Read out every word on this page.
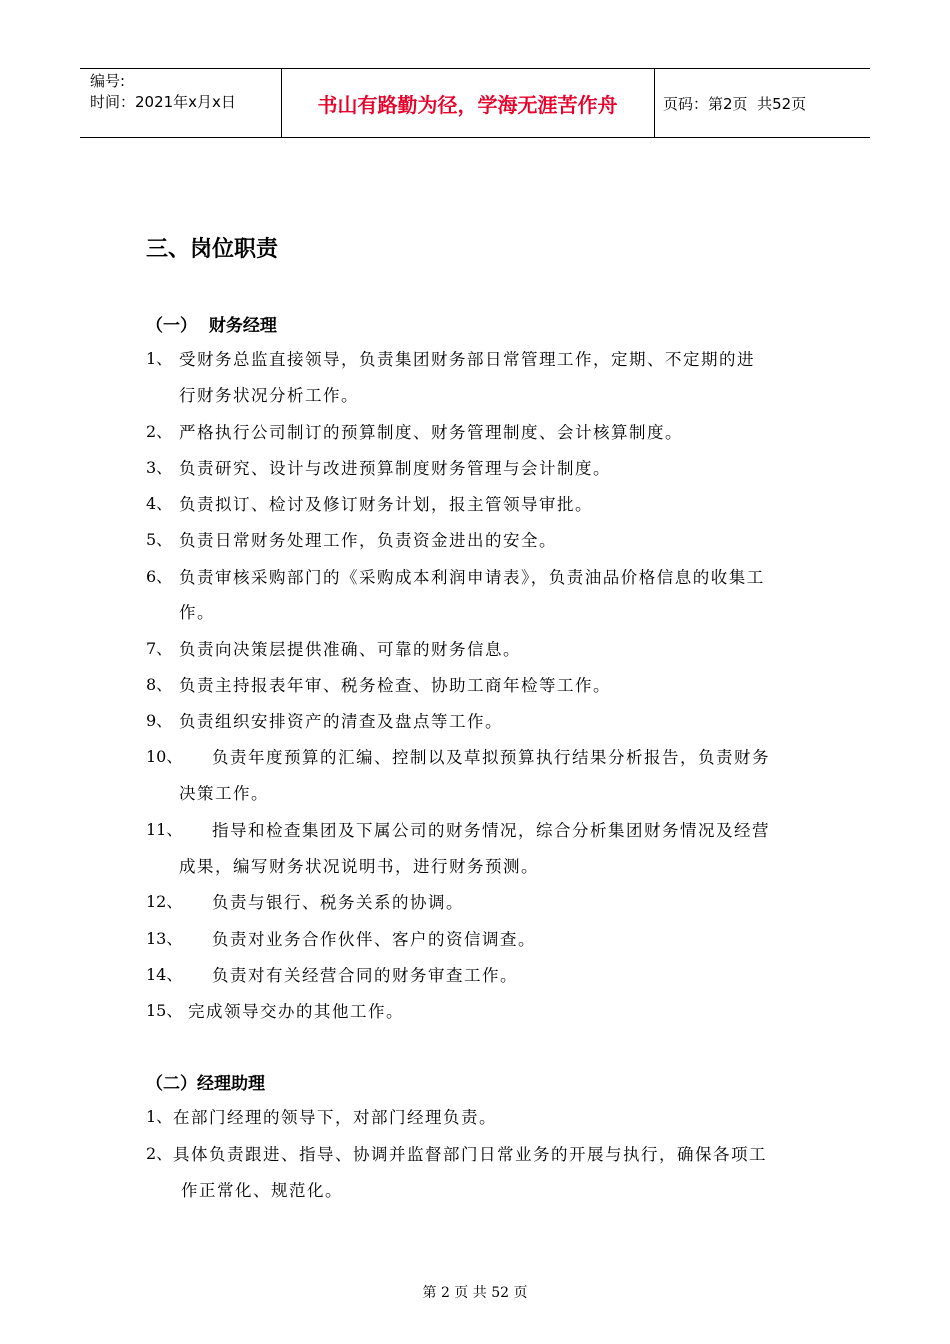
编号:
时间：2021年x月x日	书山有路勤为径，学海无涯苦作舟	页码：第2页  共52页
三、岗位职责
（一）  财务经理
1、 受财务总监直接领导，负责集团财务部日常管理工作，定期、不定期的进
行财务状况分析工作。
2、 严格执行公司制订的预算制度、财务管理制度、会计核算制度。
3、 负责研究、设计与改进预算制度财务管理与会计制度。
4、 负责拟订、检讨及修订财务计划，报主管领导审批。
5、 负责日常财务处理工作，负责资金进出的安全。
6、 负责审核采购部门的《采购成本利润申请表》，负责油品价格信息的收集工
作。
7、 负责向决策层提供准确、可靠的财务信息。
8、 负责主持报表年审、税务检查、协助工商年检等工作。
9、 负责组织安排资产的清查及盘点等工作。
10、 负责年度预算的汇编、控制以及草拟预算执行结果分析报告，负责财务
决策工作。
11、 指导和检查集团及下属公司的财务情况，综合分析集团财务情况及经营
成果，编写财务状况说明书，进行财务预测。
12、 负责与银行、税务关系的协调。
13、 负责对业务合作伙伴、客户的资信调查。
14、 负责对有关经营合同的财务审查工作。
15、 完成领导交办的其他工作。
（二）经理助理
1、 在部门经理的领导下，对部门经理负责。
2、 具体负责跟进、指导、协调并监督部门日常业务的开展与执行，确保各项工
作正常化、规范化。
第 2 页 共 52 页
